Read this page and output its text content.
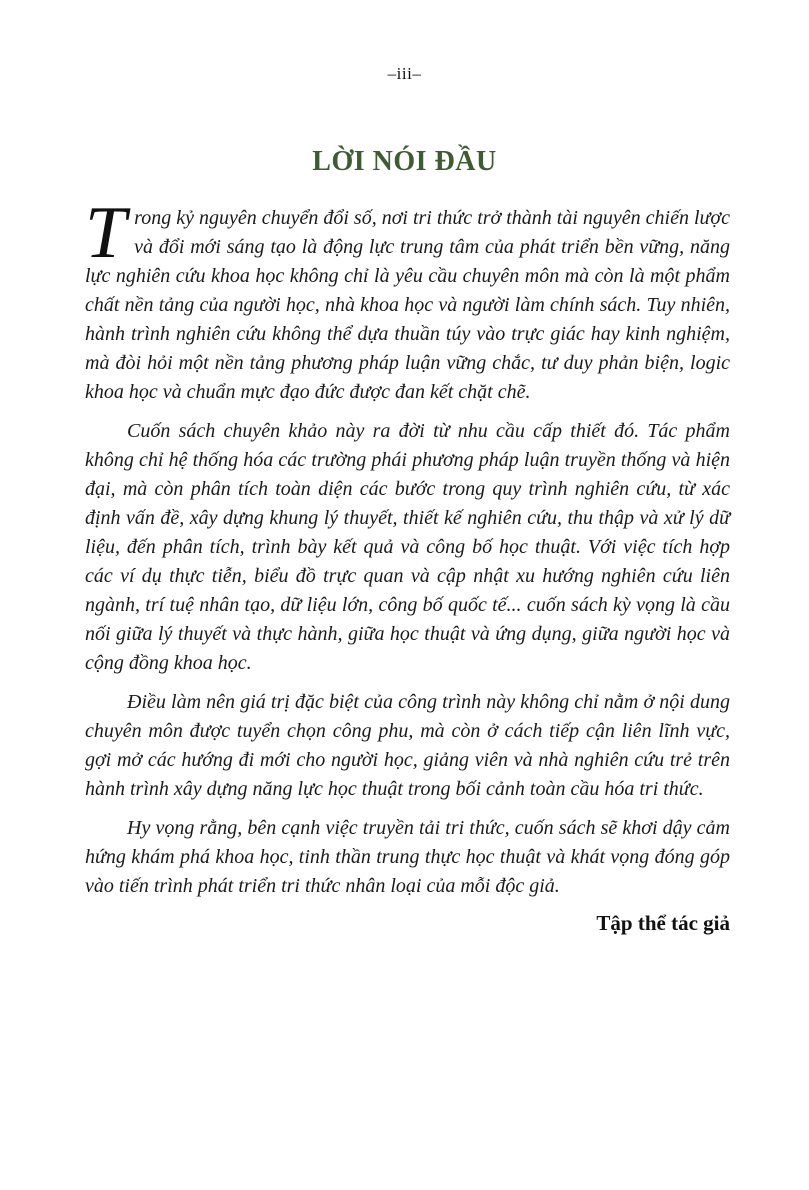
–iii–
LỜI NÓI ĐẦU

Trong kỷ nguyên chuyển đổi số, nơi tri thức trở thành tài nguyên chiến lược và đổi mới sáng tạo là động lực trung tâm của phát triển bền vững, năng lực nghiên cứu khoa học không chỉ là yêu cầu chuyên môn mà còn là một phẩm chất nền tảng của người học, nhà khoa học và người làm chính sách. Tuy nhiên, hành trình nghiên cứu không thể dựa thuần túy vào trực giác hay kinh nghiệm, mà đòi hỏi một nền tảng phương pháp luận vững chắc, tư duy phản biện, logic khoa học và chuẩn mực đạo đức được đan kết chặt chẽ.

Cuốn sách chuyên khảo này ra đời từ nhu cầu cấp thiết đó. Tác phẩm không chỉ hệ thống hóa các trường phái phương pháp luận truyền thống và hiện đại, mà còn phân tích toàn diện các bước trong quy trình nghiên cứu, từ xác định vấn đề, xây dựng khung lý thuyết, thiết kế nghiên cứu, thu thập và xử lý dữ liệu, đến phân tích, trình bày kết quả và công bố học thuật. Với việc tích hợp các ví dụ thực tiễn, biểu đồ trực quan và cập nhật xu hướng nghiên cứu liên ngành, trí tuệ nhân tạo, dữ liệu lớn, công bố quốc tế... cuốn sách kỳ vọng là cầu nối giữa lý thuyết và thực hành, giữa học thuật và ứng dụng, giữa người học và cộng đồng khoa học.

Điều làm nên giá trị đặc biệt của công trình này không chỉ nằm ở nội dung chuyên môn được tuyển chọn công phu, mà còn ở cách tiếp cận liên lĩnh vực, gợi mở các hướng đi mới cho người học, giảng viên và nhà nghiên cứu trẻ trên hành trình xây dựng năng lực học thuật trong bối cảnh toàn cầu hóa tri thức.

Hy vọng rằng, bên cạnh việc truyền tải tri thức, cuốn sách sẽ khơi dậy cảm hứng khám phá khoa học, tinh thần trung thực học thuật và khát vọng đóng góp vào tiến trình phát triển tri thức nhân loại của mỗi độc giả.

Tập thể tác giả
